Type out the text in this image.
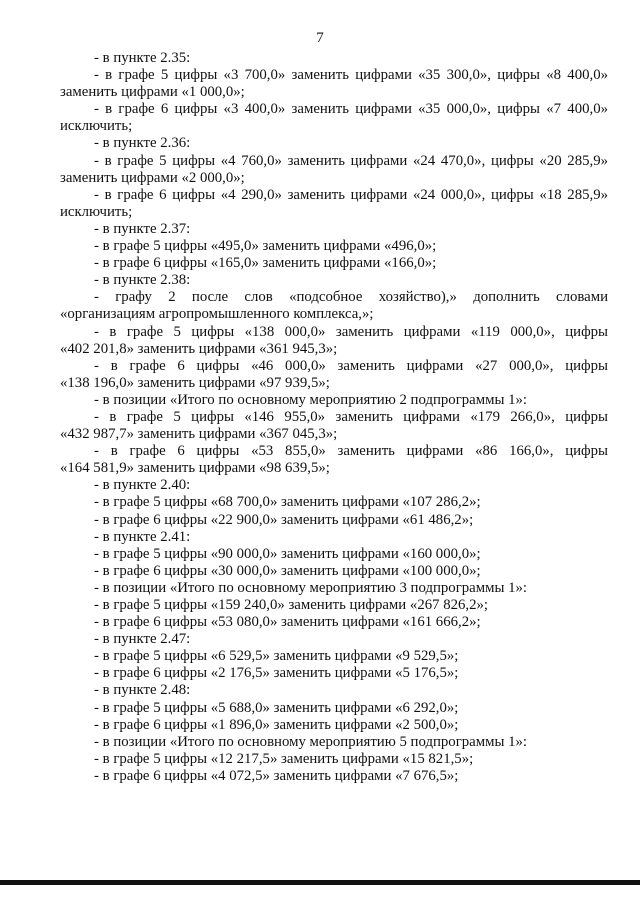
7
- в пункте 2.35:
- в графе 5 цифры «3 700,0» заменить цифрами «35 300,0», цифры «8 400,0»
заменить цифрами «1 000,0»;
- в графе 6 цифры «3 400,0» заменить цифрами «35 000,0», цифры «7 400,0»
исключить;
- в пункте 2.36:
- в графе 5 цифры «4 760,0» заменить цифрами «24 470,0», цифры «20 285,9»
заменить цифрами «2 000,0»;
- в графе 6 цифры «4 290,0» заменить цифрами «24 000,0», цифры «18 285,9»
исключить;
- в пункте 2.37:
- в графе 5 цифры «495,0» заменить цифрами «496,0»;
- в графе 6 цифры «165,0» заменить цифрами «166,0»;
- в пункте 2.38:
- графу 2 после слов «подсобное хозяйство),» дополнить словами
«организациям агропромышленного комплекса,»;
- в графе 5 цифры «138 000,0» заменить цифрами «119 000,0», цифры
«402 201,8» заменить цифрами «361 945,3»;
- в графе 6 цифры «46 000,0» заменить цифрами «27 000,0», цифры
«138 196,0» заменить цифрами «97 939,5»;
- в позиции «Итого по основному мероприятию 2 подпрограммы 1»:
- в графе 5 цифры «146 955,0» заменить цифрами «179 266,0», цифры
«432 987,7» заменить цифрами «367 045,3»;
- в графе 6 цифры «53 855,0» заменить цифрами «86 166,0», цифры
«164 581,9» заменить цифрами «98 639,5»;
- в пункте 2.40:
- в графе 5 цифры «68 700,0» заменить цифрами «107 286,2»;
- в графе 6 цифры «22 900,0» заменить цифрами «61 486,2»;
- в пункте 2.41:
- в графе 5 цифры «90 000,0» заменить цифрами «160 000,0»;
- в графе 6 цифры «30 000,0» заменить цифрами «100 000,0»;
- в позиции «Итого по основному мероприятию 3 подпрограммы 1»:
- в графе 5 цифры «159 240,0» заменить цифрами «267 826,2»;
- в графе 6 цифры «53 080,0» заменить цифрами «161 666,2»;
- в пункте 2.47:
- в графе 5 цифры «6 529,5» заменить цифрами «9 529,5»;
- в графе 6 цифры «2 176,5» заменить цифрами «5 176,5»;
- в пункте 2.48:
- в графе 5 цифры «5 688,0» заменить цифрами «6 292,0»;
- в графе 6 цифры «1 896,0» заменить цифрами «2 500,0»;
- в позиции «Итого по основному мероприятию 5 подпрограммы 1»:
- в графе 5 цифры «12 217,5» заменить цифрами «15 821,5»;
- в графе 6 цифры «4 072,5» заменить цифрами «7 676,5»;
